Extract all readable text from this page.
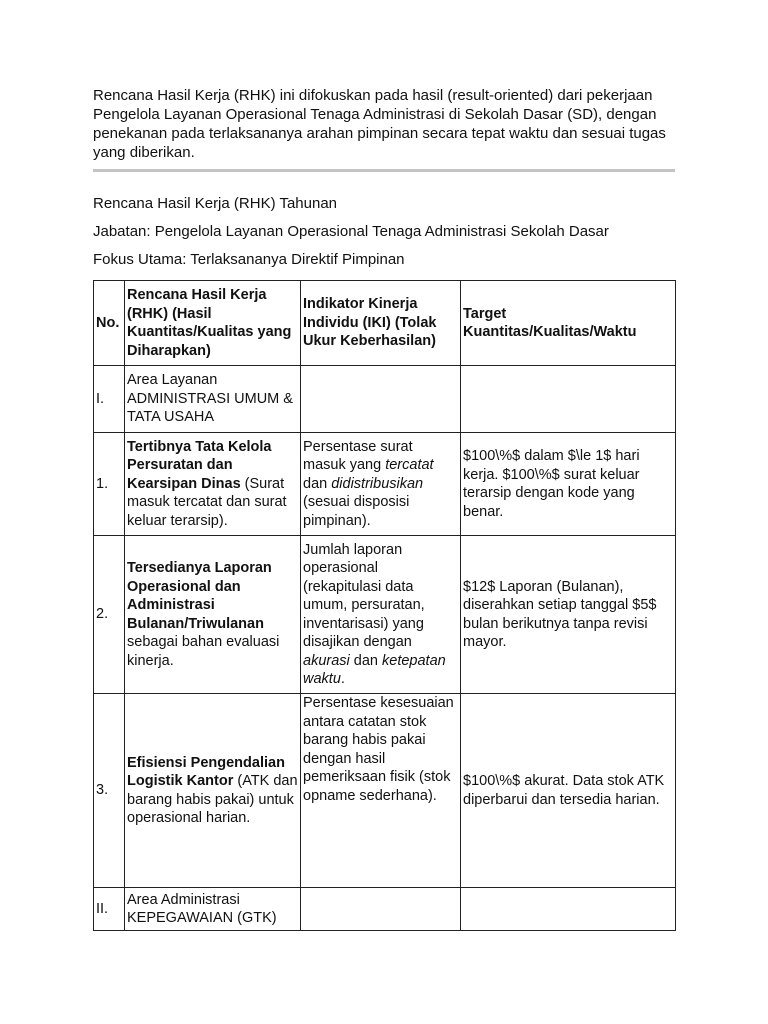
Rencana Hasil Kerja (RHK) ini difokuskan pada hasil (result-oriented) dari pekerjaan Pengelola Layanan Operasional Tenaga Administrasi di Sekolah Dasar (SD), dengan penekanan pada terlaksananya arahan pimpinan secara tepat waktu dan sesuai tugas yang diberikan.

Rencana Hasil Kerja (RHK) Tahunan

Jabatan: Pengelola Layanan Operasional Tenaga Administrasi Sekolah Dasar

Fokus Utama: Terlaksananya Direktif Pimpinan

No.	Rencana Hasil Kerja (RHK) (Hasil Kuantitas/Kualitas yang Diharapkan)	Indikator Kinerja Individu (IKI) (Tolak Ukur Keberhasilan)	Target Kuantitas/Kualitas/Waktu
I.	Area Layanan ADMINISTRASI UMUM & TATA USAHA		
1.	Tertibnya Tata Kelola Persuratan dan Kearsipan Dinas (Surat masuk tercatat dan surat keluar terarsip).	Persentase surat masuk yang tercatat dan didistribusikan (sesuai disposisi pimpinan).	$100\%$ dalam $\le 1$ hari kerja. $100\%$ surat keluar terarsip dengan kode yang benar.
2.	Tersedianya Laporan Operasional dan Administrasi Bulanan/Triwulanan sebagai bahan evaluasi kinerja.	Jumlah laporan operasional (rekapitulasi data umum, persuratan, inventarisasi) yang disajikan dengan akurasi dan ketepatan waktu.	$12$ Laporan (Bulanan), diserahkan setiap tanggal $5$ bulan berikutnya tanpa revisi mayor.
3.	Efisiensi Pengendalian Logistik Kantor (ATK dan barang habis pakai) untuk operasional harian.	Persentase kesesuaian antara catatan stok barang habis pakai dengan hasil pemeriksaan fisik (stok opname sederhana).	$100\%$ akurat. Data stok ATK diperbarui dan tersedia harian.
II.	Area Administrasi KEPEGAWAIAN (GTK)		
